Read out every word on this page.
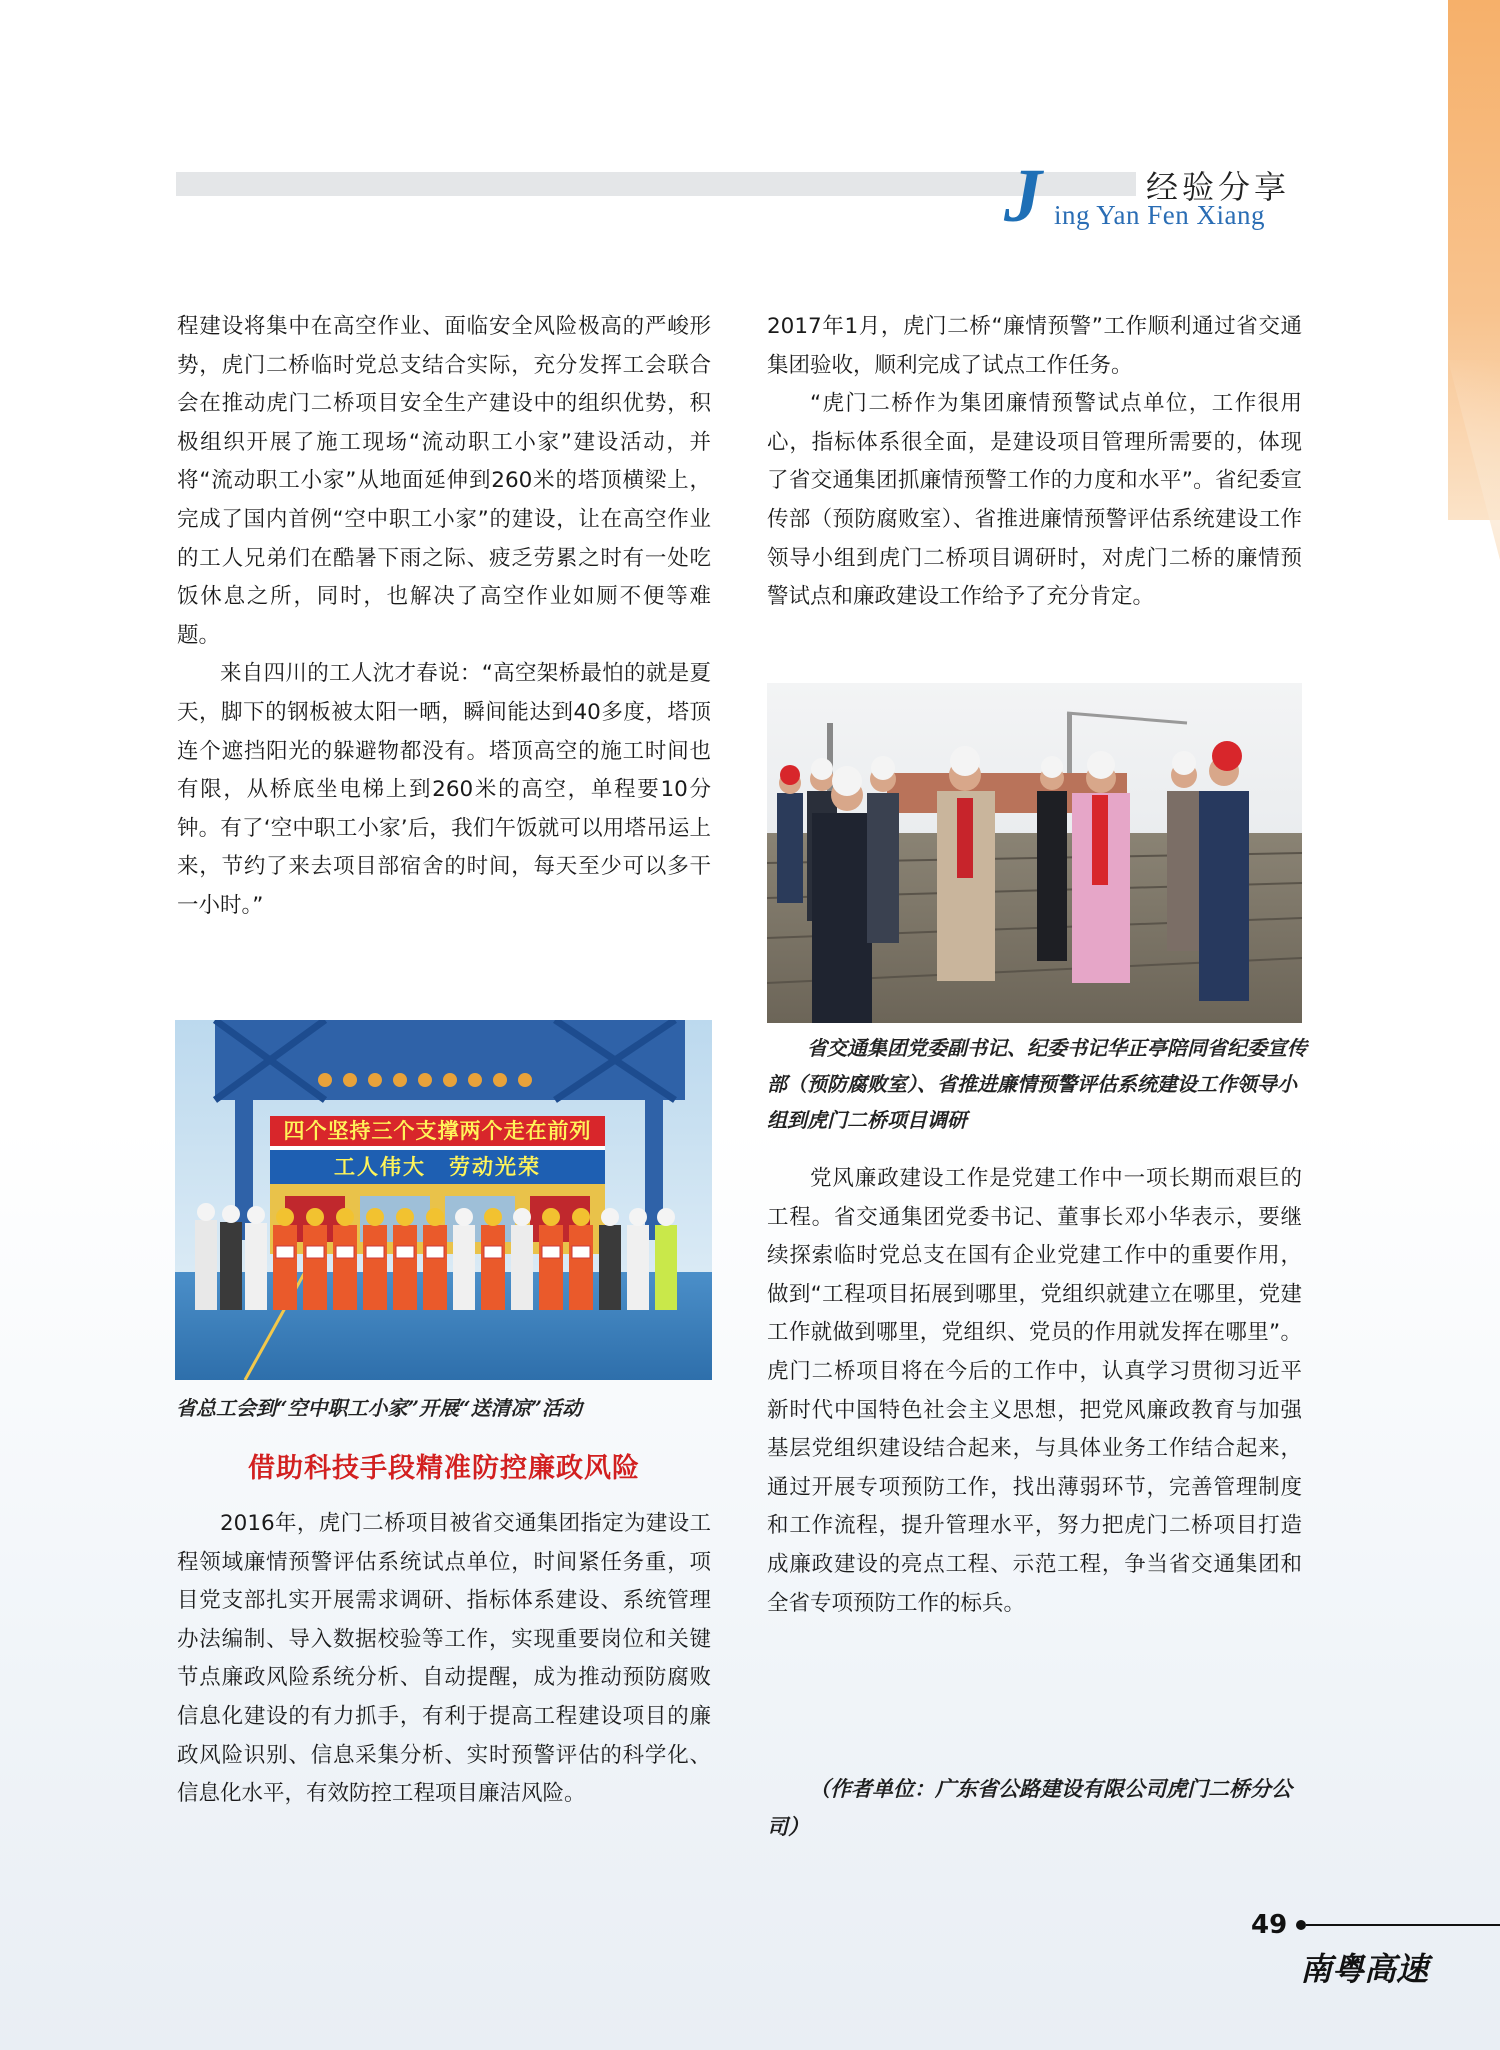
J	经验分享
ing Yan Fen Xiang

程建设将集中在高空作业、面临安全风险极高的严峻形势，虎门二桥临时党总支结合实际，充分发挥工会联合会在推动虎门二桥项目安全生产建设中的组织优势，积极组织开展了施工现场“流动职工小家”建设活动，并将“流动职工小家”从地面延伸到260米的塔顶横梁上，完成了国内首例“空中职工小家”的建设，让在高空作业的工人兄弟们在酷暑下雨之际、疲乏劳累之时有一处吃饭休息之所，同时，也解决了高空作业如厕不便等难题。

来自四川的工人沈才春说：“高空架桥最怕的就是夏天，脚下的钢板被太阳一晒，瞬间能达到40多度，塔顶连个遮挡阳光的躲避物都没有。塔顶高空的施工时间也有限，从桥底坐电梯上到260米的高空，单程要10分钟。有了‘空中职工小家’后，我们午饭就可以用塔吊运上来，节约了来去项目部宿舍的时间，每天至少可以多干一小时。”

四个坚持三个支撑两个走在前列
工人伟大　劳动光荣
省总工会到“空中职工小家”开展“送清凉”活动
借助科技手段精准防控廉政风险

2016年，虎门二桥项目被省交通集团指定为建设工程领域廉情预警评估系统试点单位，时间紧任务重，项目党支部扎实开展需求调研、指标体系建设、系统管理办法编制、导入数据校验等工作，实现重要岗位和关键节点廉政风险系统分析、自动提醒，成为推动预防腐败信息化建设的有力抓手，有利于提高工程建设项目的廉政风险识别、信息采集分析、实时预警评估的科学化、信息化水平，有效防控工程项目廉洁风险。

2017年1月，虎门二桥“廉情预警”工作顺利通过省交通集团验收，顺利完成了试点工作任务。

“虎门二桥作为集团廉情预警试点单位，工作很用心，指标体系很全面，是建设项目管理所需要的，体现了省交通集团抓廉情预警工作的力度和水平”。省纪委宣传部（预防腐败室）、省推进廉情预警评估系统建设工作领导小组到虎门二桥项目调研时，对虎门二桥的廉情预警试点和廉政建设工作给予了充分肯定。

省交通集团党委副书记、纪委书记华正亭陪同省纪委宣传部（预防腐败室）、省推进廉情预警评估系统建设工作领导小组到虎门二桥项目调研

党风廉政建设工作是党建工作中一项长期而艰巨的工程。省交通集团党委书记、董事长邓小华表示，要继续探索临时党总支在国有企业党建工作中的重要作用，做到“工程项目拓展到哪里，党组织就建立在哪里，党建工作就做到哪里，党组织、党员的作用就发挥在哪里”。虎门二桥项目将在今后的工作中，认真学习贯彻习近平新时代中国特色社会主义思想，把党风廉政教育与加强基层党组织建设结合起来，与具体业务工作结合起来，通过开展专项预防工作，找出薄弱环节，完善管理制度和工作流程，提升管理水平，努力把虎门二桥项目打造成廉政建设的亮点工程、示范工程，争当省交通集团和全省专项预防工作的标兵。

（作者单位：广东省公路建设有限公司虎门二桥分公司）
49
南粤高速
